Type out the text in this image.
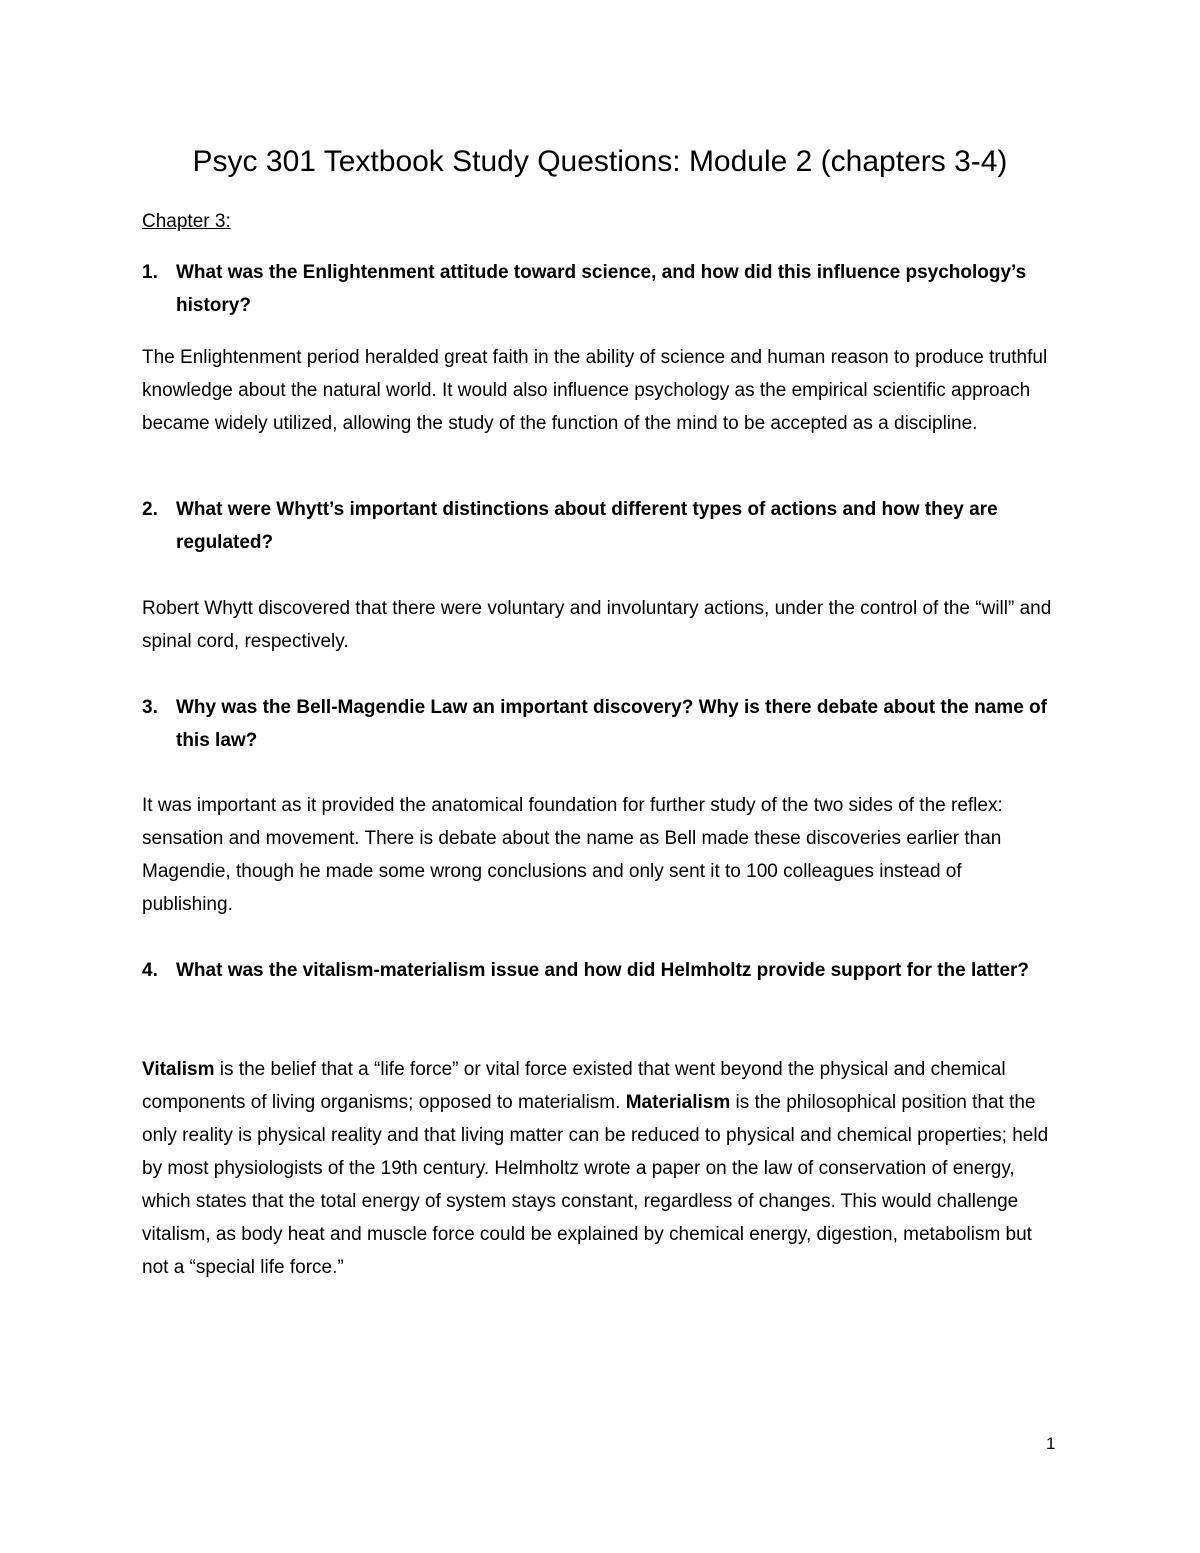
Psyc 301 Textbook Study Questions: Module 2 (chapters 3-4)
Chapter 3:
1. What was the Enlightenment attitude toward science, and how did this influence psychology’s history?
The Enlightenment period heralded great faith in the ability of science and human reason to produce truthful knowledge about the natural world. It would also influence psychology as the empirical scientific approach became widely utilized, allowing the study of the function of the mind to be accepted as a discipline.
2. What were Whytt’s important distinctions about different types of actions and how they are regulated?
Robert Whytt discovered that there were voluntary and involuntary actions, under the control of the “will” and spinal cord, respectively.
3. Why was the Bell-Magendie Law an important discovery? Why is there debate about the name of this law?
It was important as it provided the anatomical foundation for further study of the two sides of the reflex: sensation and movement. There is debate about the name as Bell made these discoveries earlier than Magendie, though he made some wrong conclusions and only sent it to 100 colleagues instead of publishing.
4. What was the vitalism-materialism issue and how did Helmholtz provide support for the latter?
Vitalism is the belief that a “life force” or vital force existed that went beyond the physical and chemical components of living organisms; opposed to materialism. Materialism is the philosophical position that the only reality is physical reality and that living matter can be reduced to physical and chemical properties; held by most physiologists of the 19th century. Helmholtz wrote a paper on the law of conservation of energy, which states that the total energy of system stays constant, regardless of changes. This would challenge vitalism, as body heat and muscle force could be explained by chemical energy, digestion, metabolism but not a “special life force.”
1
